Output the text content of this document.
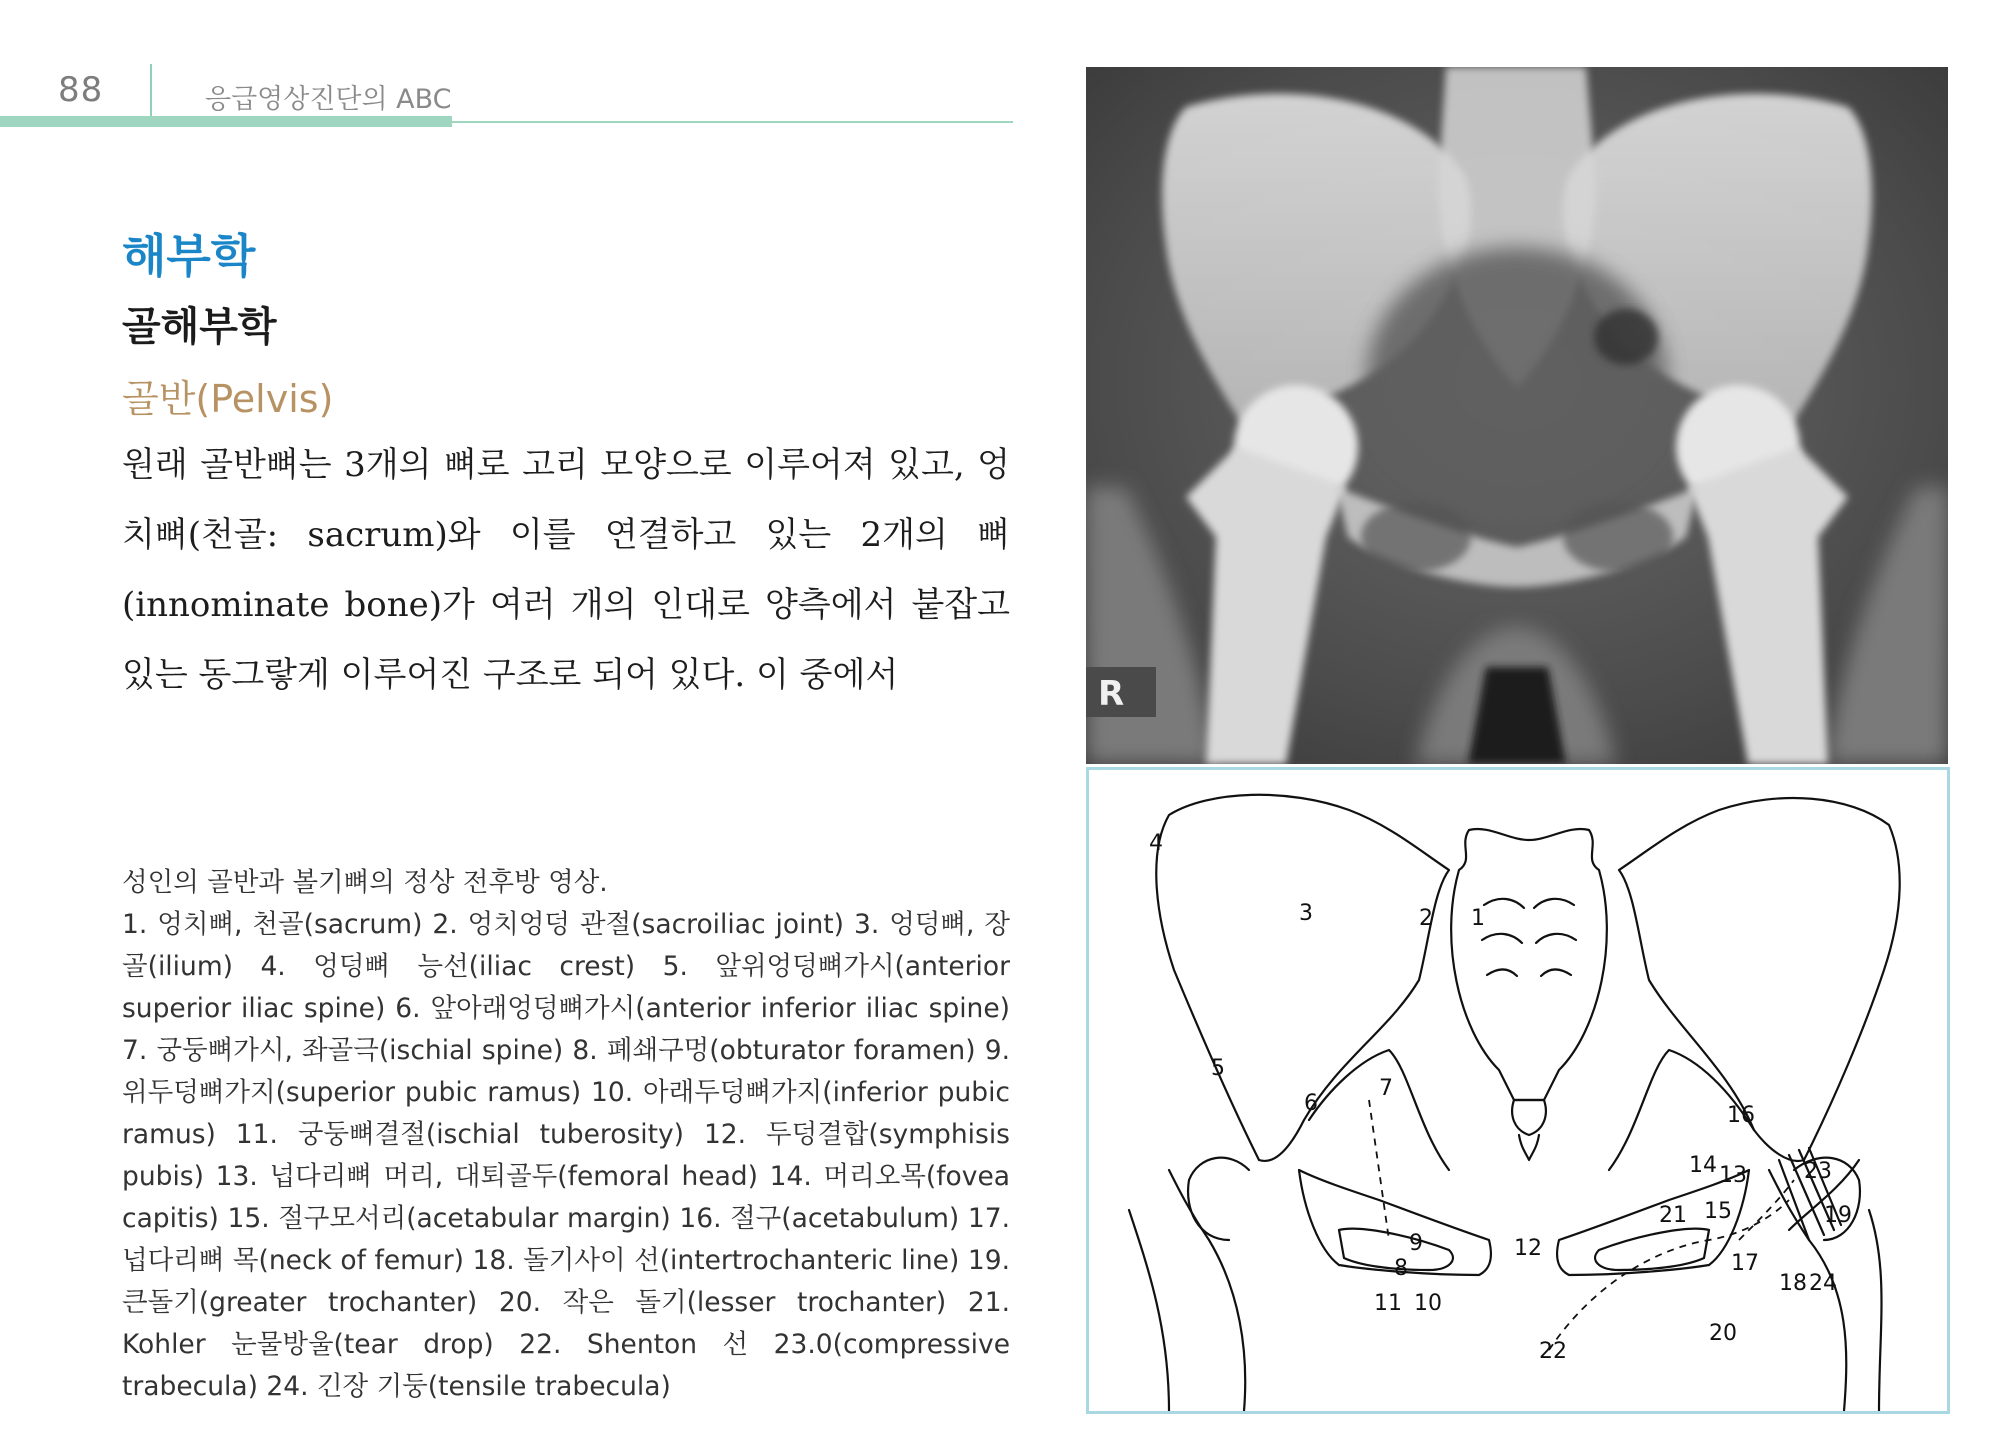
88	응급영상진단의 ABC
해부학
골해부학
골반(Pelvis)

원래 골반뼈는 3개의 뼈로 고리 모양으로 이루어져 있고, 엉치뼈(천골: sacrum)와 이를 연결하고 있는 2개의 뼈(innominate bone)가 여러 개의 인대로 양측에서 붙잡고 있는 동그랗게 이루어진 구조로 되어 있다. 이 중에서

성인의 골반과 볼기뼈의 정상 전후방 영상.

1. 엉치뼈, 천골(sacrum) 2. 엉치엉덩 관절(sacroiliac joint) 3. 엉덩뼈, 장골(ilium) 4. 엉덩뼈 능선(iliac crest) 5. 앞위엉덩뼈가시(anterior superior iliac spine) 6. 앞아래엉덩뼈가시(anterior inferior iliac spine) 7. 궁둥뼈가시, 좌골극(ischial spine) 8. 폐쇄구멍(obturator foramen) 9. 위두덩뼈가지(superior pubic ramus) 10. 아래두덩뼈가지(inferior pubic ramus) 11. 궁둥뼈결절(ischial tuberosity) 12. 두덩결합(symphisis pubis) 13. 넙다리뼈 머리, 대퇴골두(femoral head) 14. 머리오목(fovea capitis) 15. 절구모서리(acetabular margin) 16. 절구(acetabulum) 17. 넙다리뼈 목(neck of femur) 18. 돌기사이 선(intertrochanteric line) 19. 큰돌기(greater trochanter) 20. 작은 돌기(lesser trochanter) 21. Kohler 눈물방울(tear drop) 22. Shenton 선 23.0(compressive trabecula) 24. 긴장 기둥(tensile trabecula)

R
4
3	2 1
5
6
7
9
8
11 10
12
16
14 13	23
15
21	19
17
18 24
20
22
